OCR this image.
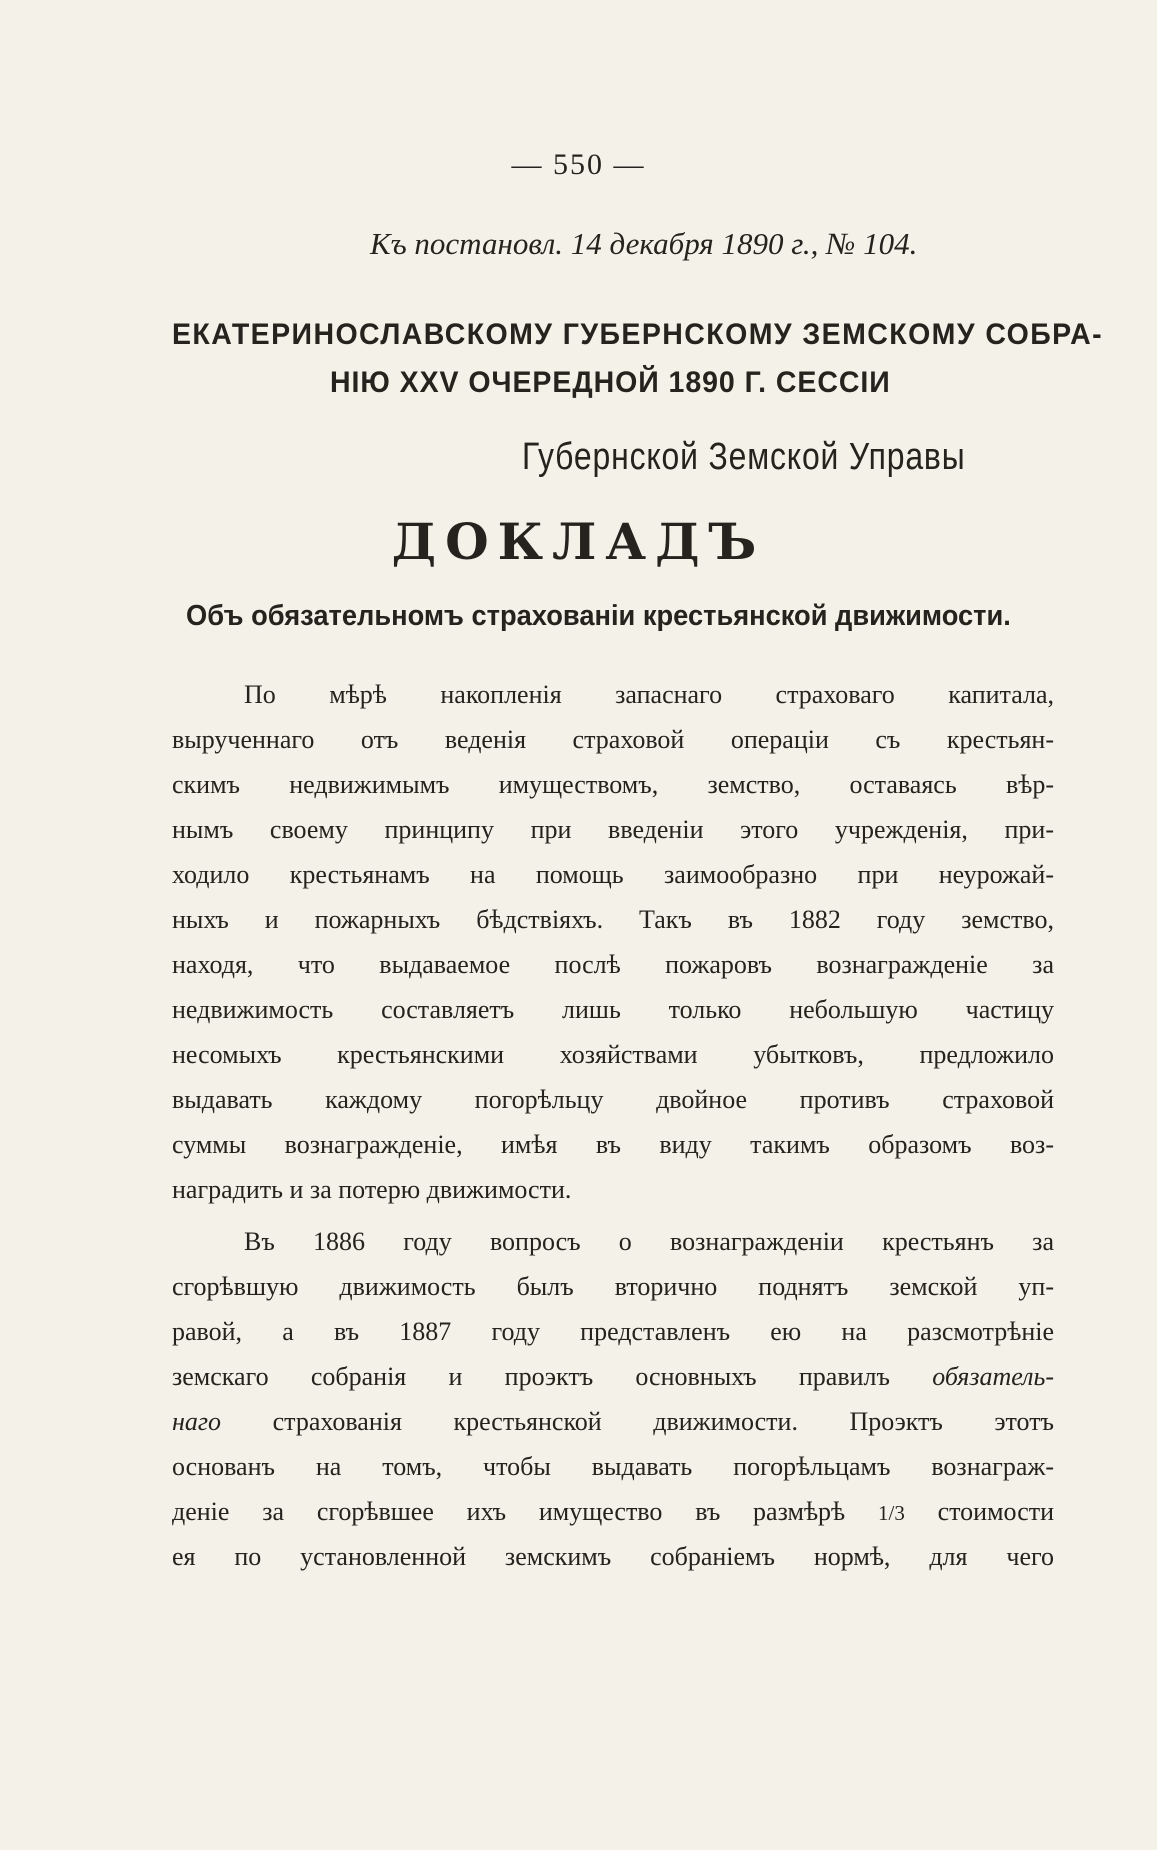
— 550 —
Къ постановл. 14 декабря 1890 г., № 104.
ЕКАТЕРИНОСЛАВСКОМУ ГУБЕРНСКОМУ ЗЕМСКОМУ СОБРА-
НІЮ XXV ОЧЕРЕДНОЙ 1890 Г. СЕССІИ
Губернской Земской Управы
ДОКЛАДЪ
Объ обязательномъ страхованіи крестьянской движимости.
По мѣрѣ накопленія запаснаго страховаго капитала,
вырученнаго отъ веденія страховой операціи съ крестьян-
скимъ недвижимымъ имуществомъ, земство, оставаясь вѣр-
нымъ своему принципу при введеніи этого учрежденія, при-
ходило крестьянамъ на помощь заимообразно при неурожай-
ныхъ и пожарныхъ бѣдствіяхъ. Такъ въ 1882 году земство,
находя, что выдаваемое послѣ пожаровъ вознагражденіе за
недвижимость составляетъ лишь только небольшую частицу
несомыхъ крестьянскими хозяйствами убытковъ, предложило
выдавать каждому погорѣльцу двойное противъ страховой
суммы вознагражденіе, имѣя въ виду такимъ образомъ воз-
наградить и за потерю движимости.
Въ 1886 году вопросъ о вознагражденіи крестьянъ за
сгорѣвшую движимость былъ вторично поднятъ земской уп-
равой, а въ 1887 году представленъ ею на разсмотрѣніе
земскаго собранія и проэктъ основныхъ правилъ обязатель-
наго страхованія крестьянской движимости. Проэктъ этотъ
основанъ на томъ, чтобы выдавать погорѣльцамъ вознаграж-
деніе за сгорѣвшее ихъ имущество въ размѣрѣ 1/3 стоимости
ея по установленной земскимъ собраніемъ нормѣ, для чего
